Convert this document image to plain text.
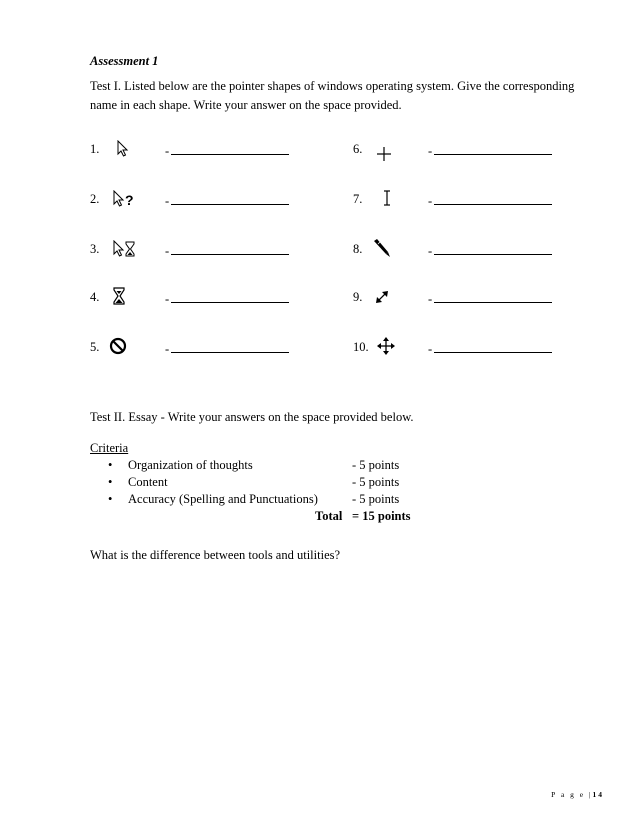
Assessment 1
Test I. Listed below are the pointer shapes of windows operating system. Give the corresponding
name in each shape. Write your answer on the space provided.
1.	-
2. ?	-
3.	-
4.	-
5.	-
6.	-
7.	-
8.	-
9.	-
10.	-
Test II. Essay - Write your answers on the space provided below.
Criteria
• Organization of thoughts	- 5 points
• Content	- 5 points
• Accuracy (Spelling and Punctuations)	- 5 points
Total = 15 points
What is the difference between tools and utilities?
P a g e |14
